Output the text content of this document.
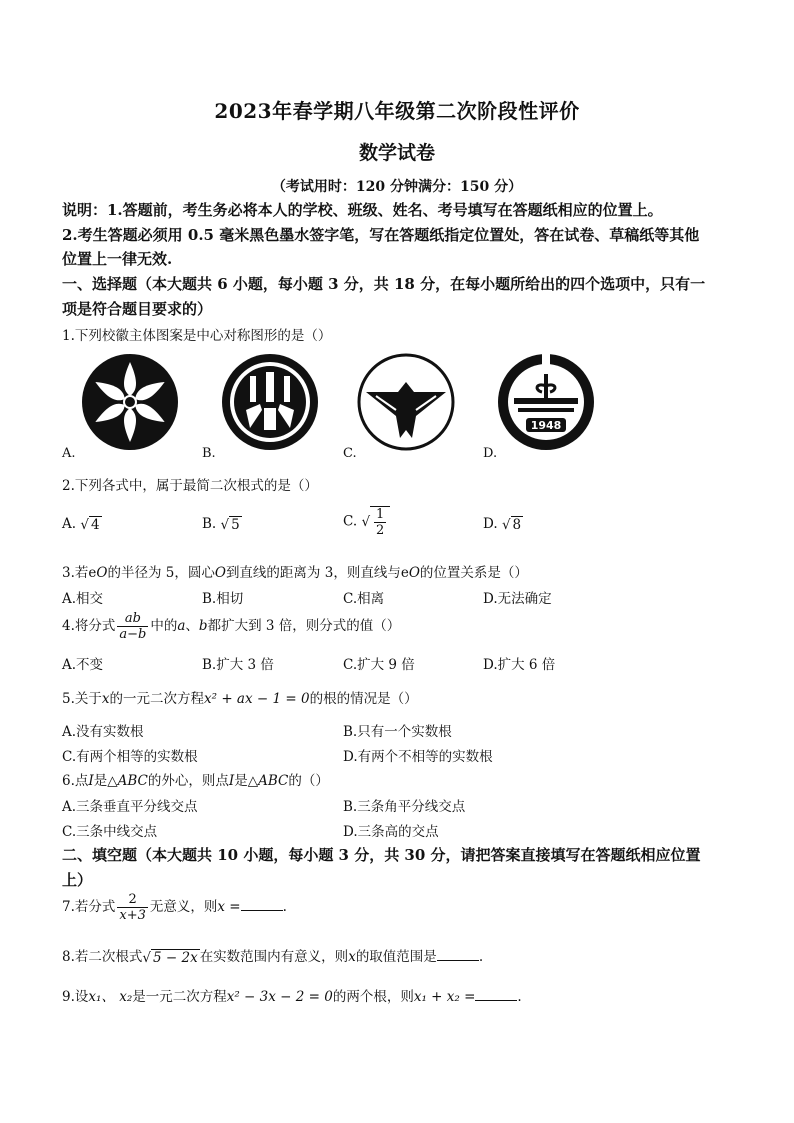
2023年春学期八年级第二次阶段性评价
数学试卷
（考试用时：120 分钟满分：150 分）
说明：1.答题前，考生务必将本人的学校、班级、姓名、考号填写在答题纸相应的位置上。
2.考生答题必须用 0.5 毫米黑色墨水签字笔，写在答题纸指定位置处，答在试卷、草稿纸等其他
位置上一律无效.
一、选择题（本大题共 6 小题，每小题 3 分，共 18 分，在每小题所给出的四个选项中，只有一
项是符合题目要求的）
1.下列校徽主体图案是中心对称图形的是（）
1948
A.	B.	C.	D.
2.下列各式中，属于最简二次根式的是（）
A. √ 4	B. √ 5	C. √ $\frac{1}{2}$	D. √ 8
3.若eO的半径为 5，圆心O到直线的距离为 3，则直线与eO的位置关系是（）
A.相交	B.相切	C.相离	D.无法确定
4.将分式 $\frac{ab}{a-b}$ 中的a、b都扩大到 3 倍，则分式的值（）
A.不变	B.扩大 3 倍	C.扩大 9 倍	D.扩大 6 倍
5.关于x的一元二次方程x² + ax − 1 = 0的根的情况是（）
A.没有实数根	B.只有一个实数根
C.有两个相等的实数根	D.有两个不相等的实数根
6.点I是△ABC的外心，则点I是△ABC的（）
A.三条垂直平分线交点	B.三条角平分线交点
C.三条中线交点	D.三条高的交点
二、填空题（本大题共 10 小题，每小题 3 分，共 30 分，请把答案直接填写在答题纸相应位置
上）
7.若分式 $\frac{2}{x+3}$ 无意义，则x =	.
8.若二次根式√ 5 − 2x 在实数范围内有意义，则x的取值范围是	.
9.设x₁、 x₂是一元二次方程x² − 3x − 2 = 0的两个根，则x₁ + x₂ =	.
